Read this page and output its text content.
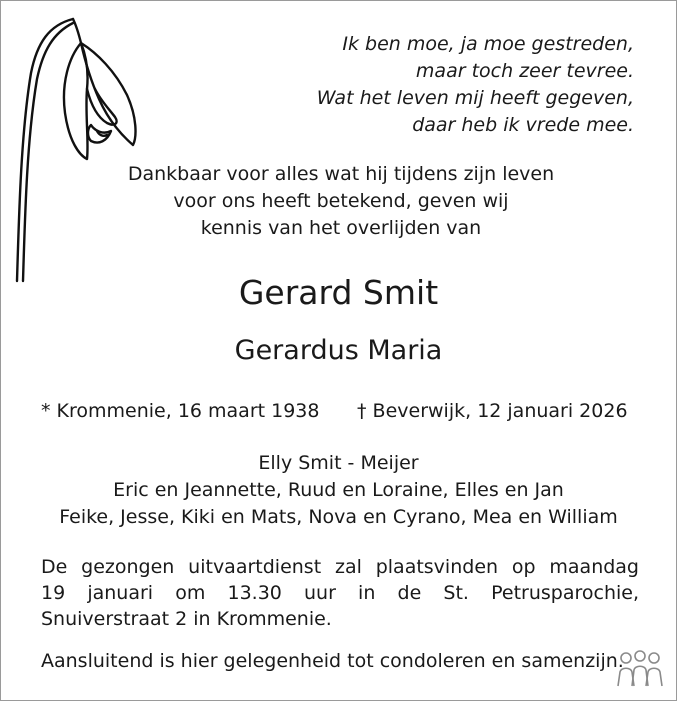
Ik ben moe, ja moe gestreden,
maar toch zeer tevree.
Wat het leven mij heeft gegeven,
daar heb ik vrede mee.
Dankbaar voor alles wat hij tijdens zijn leven
voor ons heeft betekend, geven wij
kennis van het overlijden van
Gerard Smit
Gerardus Maria
* Krommenie, 16 maart 1938 † Beverwijk, 12 januari 2026
Elly Smit - Meijer
Eric en Jeannette, Ruud en Loraine, Elles en Jan
Feike, Jesse, Kiki en Mats, Nova en Cyrano, Mea en William
De gezongen uitvaartdienst zal plaatsvinden op maandag
19 januari om 13.30 uur in de St. Petrusparochie,
Snuiverstraat 2 in Krommenie.
Aansluitend is hier gelegenheid tot condoleren en samenzijn.
